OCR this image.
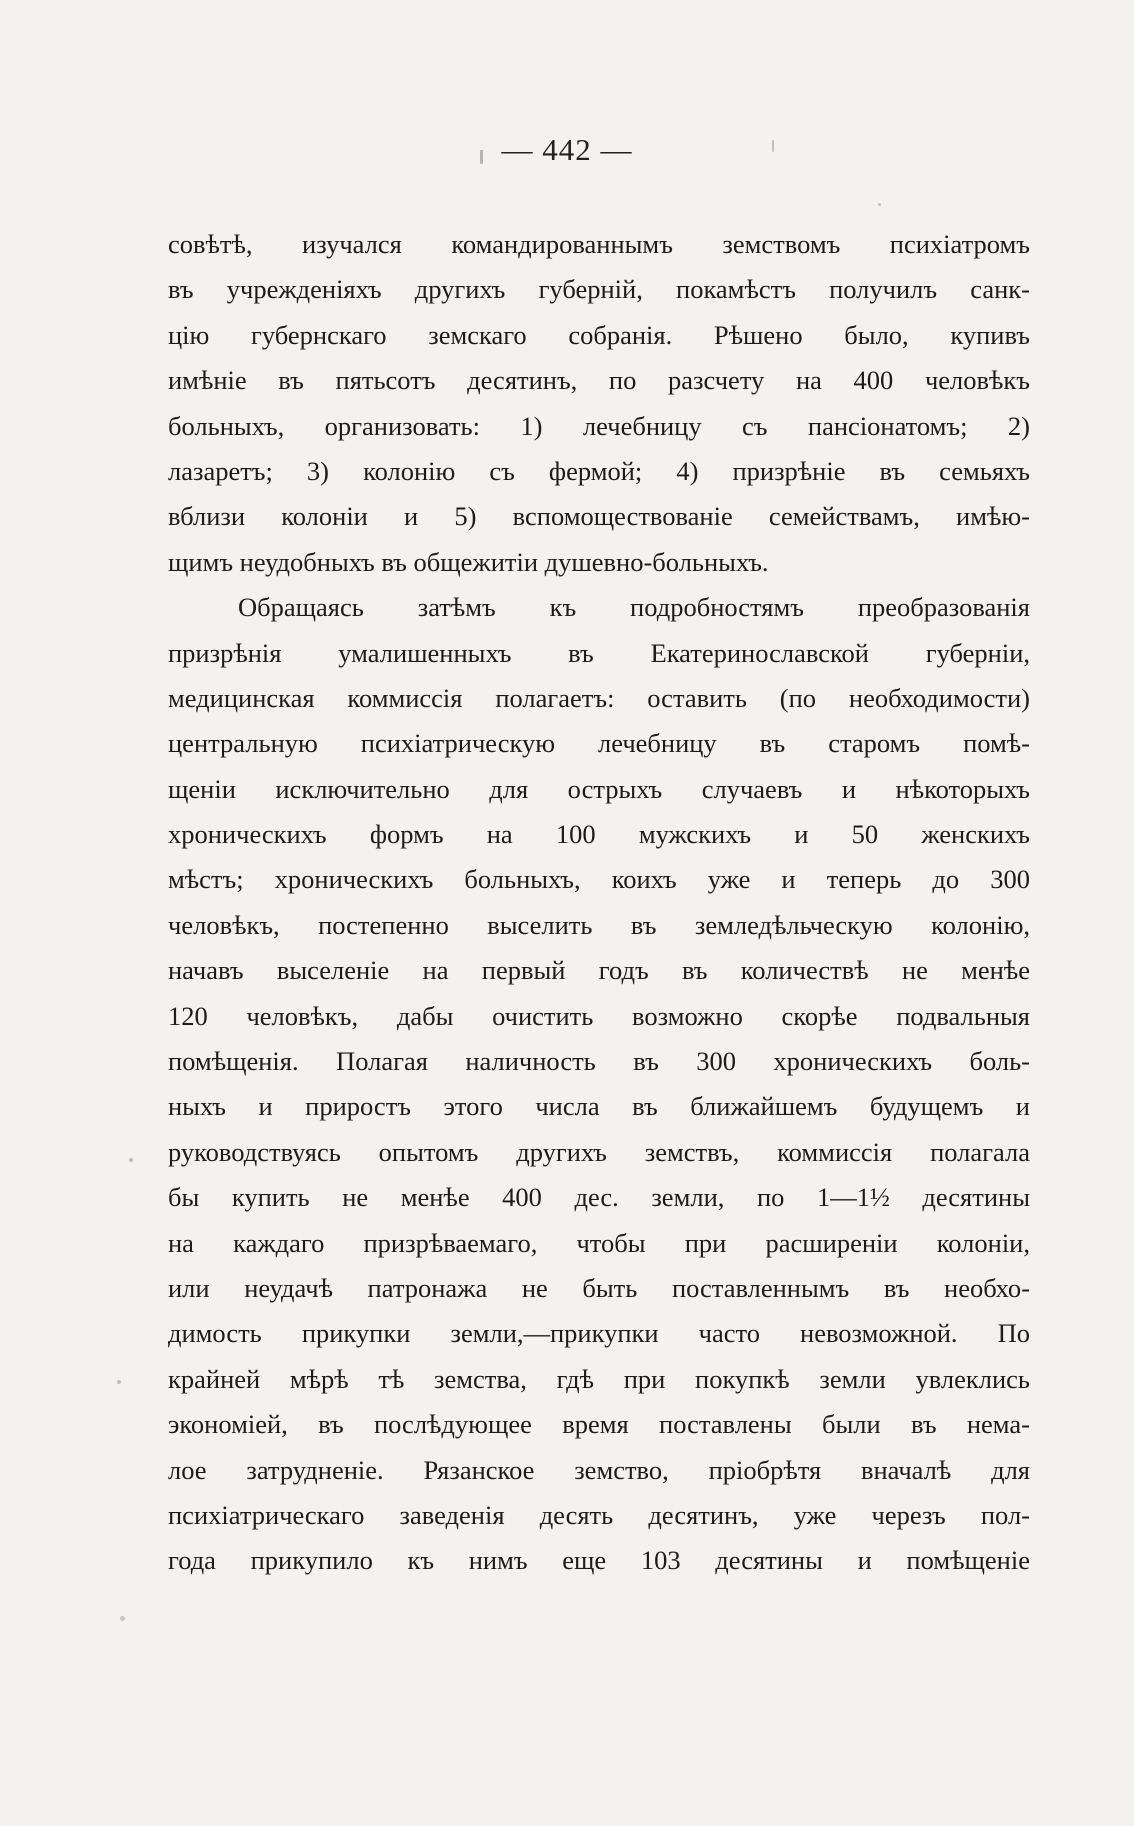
— 442 —
совѣтѣ, изучался командированнымъ земствомъ психіатромъ
въ учрежденіяхъ другихъ губерній, покамѣстъ получилъ санк-
цію губернскаго земскаго собранія. Рѣшено было, купивъ
имѣніе въ пятьсотъ десятинъ, по разсчету на 400 человѣкъ
больныхъ, организовать: 1) лечебницу съ пансіонатомъ; 2)
лазаретъ; 3) колонію съ фермой; 4) призрѣніе въ семьяхъ
вблизи колоніи и 5) вспомоществованіе семействамъ, имѣю-
щимъ неудобныхъ въ общежитіи душевно-больныхъ.
Обращаясь затѣмъ къ подробностямъ преобразованія
призрѣнія умалишенныхъ въ Екатеринославской губерніи,
медицинская коммиссія полагаетъ: оставить (по необходимости)
центральную психіатрическую лечебницу въ старомъ помѣ-
щеніи исключительно для острыхъ случаевъ и нѣкоторыхъ
хроническихъ формъ на 100 мужскихъ и 50 женскихъ
мѣстъ; хроническихъ больныхъ, коихъ уже и теперь до 300
человѣкъ, постепенно выселить въ земледѣльческую колонію,
начавъ выселеніе на первый годъ въ количествѣ не менѣе
120 человѣкъ, дабы очистить возможно скорѣе подвальныя
помѣщенія. Полагая наличность въ 300 хроническихъ боль-
ныхъ и приростъ этого числа въ ближайшемъ будущемъ и
руководствуясь опытомъ другихъ земствъ, коммиссія полагала
бы купить не менѣе 400 дес. земли, по 1—1½ десятины
на каждаго призрѣваемаго, чтобы при расширеніи колоніи,
или неудачѣ патронажа не быть поставленнымъ въ необхо-
димость прикупки земли,—прикупки часто невозможной. По
крайней мѣрѣ тѣ земства, гдѣ при покупкѣ земли увлеклись
экономіей, въ послѣдующее время поставлены были въ нема-
лое затрудненіе. Рязанское земство, пріобрѣтя вначалѣ для
психіатрическаго заведенія десять десятинъ, уже черезъ пол-
года прикупило къ нимъ еще 103 десятины и помѣщеніе
